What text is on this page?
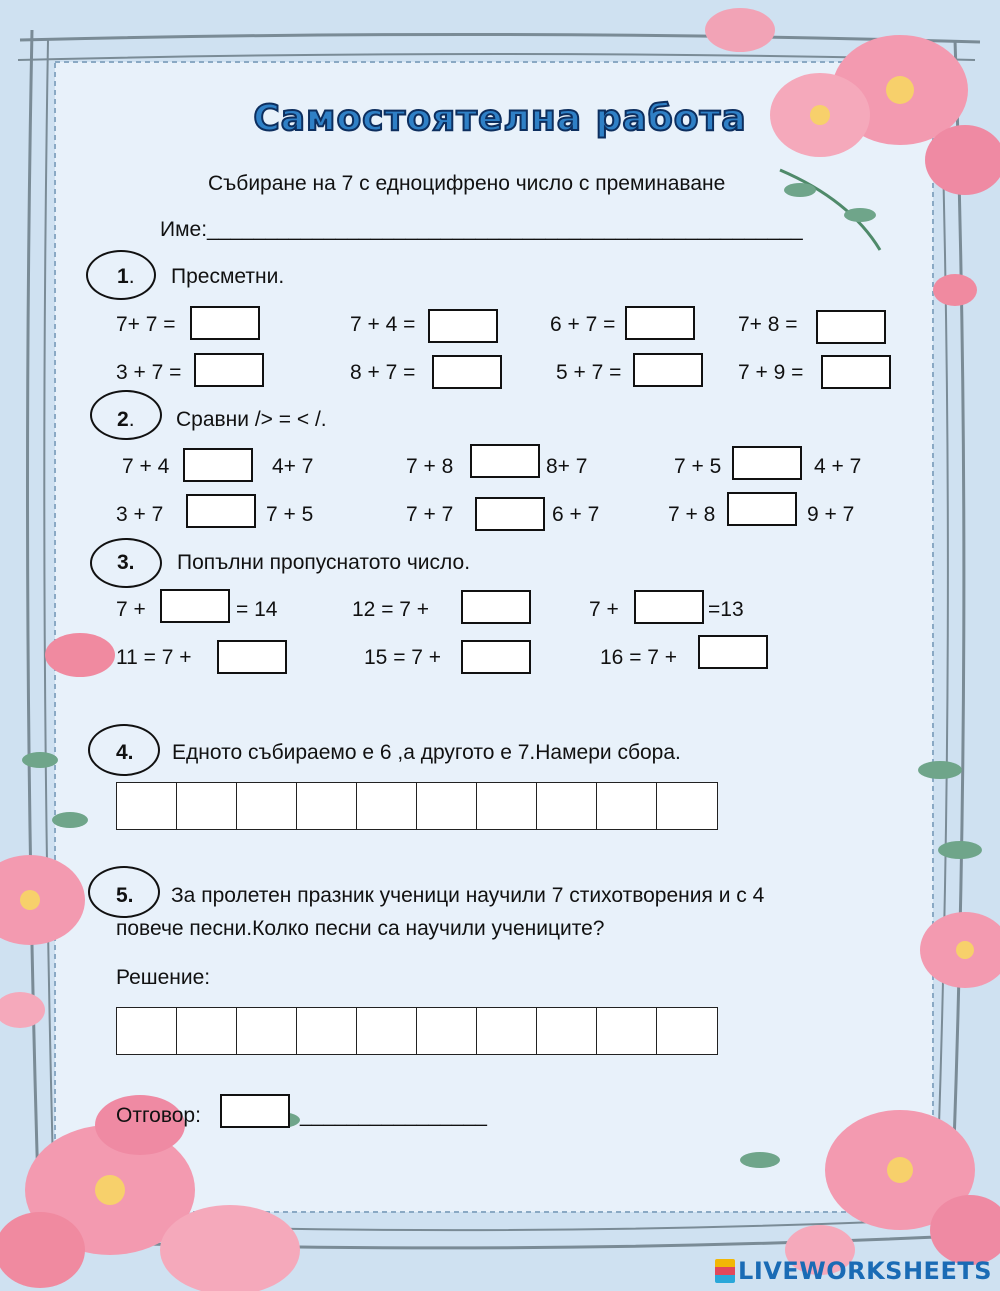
Самостоятелна работа
Събиране на 7 с едноцифрено число с преминаване
Име:___________________________________________________
1. Пресметни.
7+ 7 =	7 + 4 =	6 + 7 =	7+ 8 =
3 + 7 =	8 + 7 =	5 + 7 =	7 + 9 =
2. Сравни /> = < /.
7 + 4	4+ 7	7 + 8	8+ 7	7 + 5	4 + 7
3 + 7	7 + 5	7 + 7	6 + 7	7 + 8	9 + 7
3. Попълни пропуснатото число.
7 +	= 14	12 = 7 +	7 +	=13
11 = 7 +	15 = 7 +	16 = 7 +
4. Едното събираемо е 6 ,а другото е 7.Намери сбора.
5. За пролетен празник ученици научили 7 стихотворения и с 4
повече песни.Колко песни са научили учениците?
Решение:
Отговор:	________________
LIVEWORKSHEETS
